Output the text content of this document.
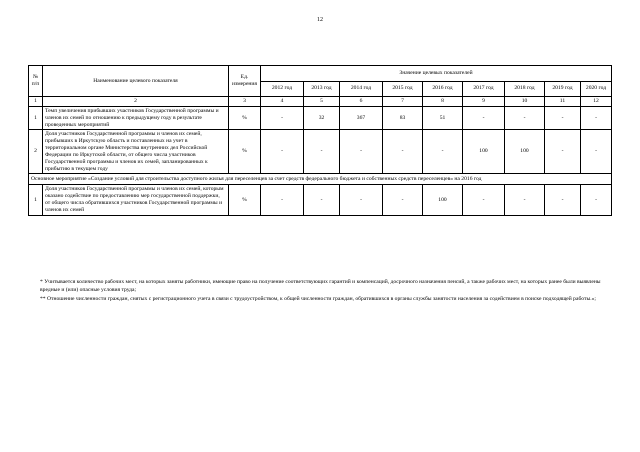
12
№ п/п	Наименование целевого показателя	Ед. измерения	Значение целевых показателей								
			2012 год	2013 год	2014 год	2015 год	2016 год	2017 год	2018 год	2019 год	2020 год
1	2	3	4	5	6	7	8	9	10	11	12
1	Темп увеличения прибывших участников Государственной программы и членов их семей по отношению к предыдущему году в результате проведенных мероприятий	%	-	32	367	83	51	-	-	-	-
2	Доля участников Государственной программы и членов их семей, прибывших в Иркутскую область и поставленных на учет в территориальном органе Министерства внутренних дел Российской Федерации по Иркутской области, от общего числа участников Государственной программы и членов их семей, запланированных к прибытию в текущем году	%	-	-	-	-	-	100	100	-	-
Основное мероприятие «Создание условий для строительства доступного жилья для переселенцев за счет средств федерального бюджета и собственных средств переселенцев» на 2016 год											
1	Доля участников Государственной программы и членов их семей, которым оказано содействие по предоставлению мер государственной поддержки, от общего числа обратившихся участников Государственной программы и членов их семей	%	-	-	-	-	100	-	-	-	-

* Учитывается количество рабочих мест, на которых заняты работники, имеющие право на получение соответствующих гарантий и компенсаций, досрочного назначения пенсий, а также рабочих мест, на которых ранее были выявлены вредные и (или) опасные условия труда;

** Отношение численности граждан, снятых с регистрационного учета в связи с трудоустройством, к общей численности граждан, обратившихся в органы службы занятости населения за содействием в поиске подходящей работы.»;
